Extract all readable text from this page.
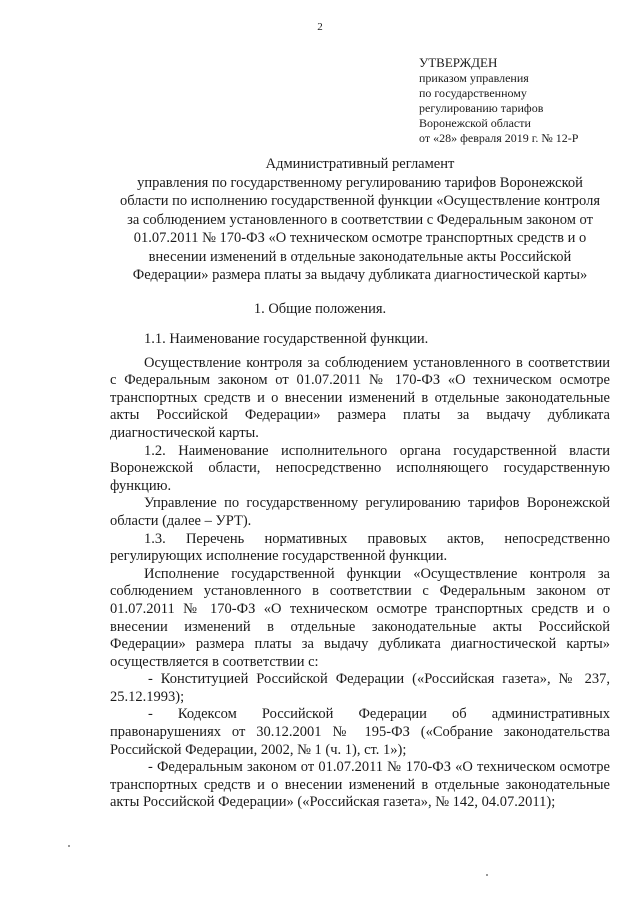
2
УТВЕРЖДЕН
приказом управления
по государственному
регулированию тарифов
Воронежской области
от «28» февраля 2019 г. № 12-Р
Административный регламент
управления по государственному регулированию тарифов Воронежской
области по исполнению государственной функции «Осуществление контроля
за соблюдением установленного в соответствии с Федеральным законом от
01.07.2011 № 170-ФЗ «О техническом осмотре транспортных средств и о
внесении изменений в отдельные законодательные акты Российской
Федерации» размера платы за выдачу дубликата диагностической карты»
1. Общие положения.

1.1. Наименование государственной функции.

Осуществление контроля за соблюдением установленного в соответствии с Федеральным законом от 01.07.2011 № 170-ФЗ «О техническом осмотре транспортных средств и о внесении изменений в отдельные законодательные акты Российской Федерации» размера платы за выдачу дубликата диагностической карты.

1.2. Наименование исполнительного органа государственной власти Воронежской области, непосредственно исполняющего государственную функцию.

Управление по государственному регулированию тарифов Воронежской области (далее – УРТ).

1.3. Перечень нормативных правовых актов, непосредственно регулирующих исполнение государственной функции.

Исполнение государственной функции «Осуществление контроля за соблюдением установленного в соответствии с Федеральным законом от 01.07.2011 № 170-ФЗ «О техническом осмотре транспортных средств и о внесении изменений в отдельные законодательные акты Российской Федерации» размера платы за выдачу дубликата диагностической карты» осуществляется в соответствии с:

- Конституцией Российской Федерации («Российская газета», № 237, 25.12.1993);

- Кодексом Российской Федерации об административных правонарушениях от 30.12.2001 № 195-ФЗ («Собрание законодательства Российской Федерации, 2002, № 1 (ч. 1), ст. 1»);

- Федеральным законом от 01.07.2011 № 170-ФЗ «О техническом осмотре транспортных средств и о внесении изменений в отдельные законодательные акты Российской Федерации» («Российская газета», № 142, 04.07.2011);
